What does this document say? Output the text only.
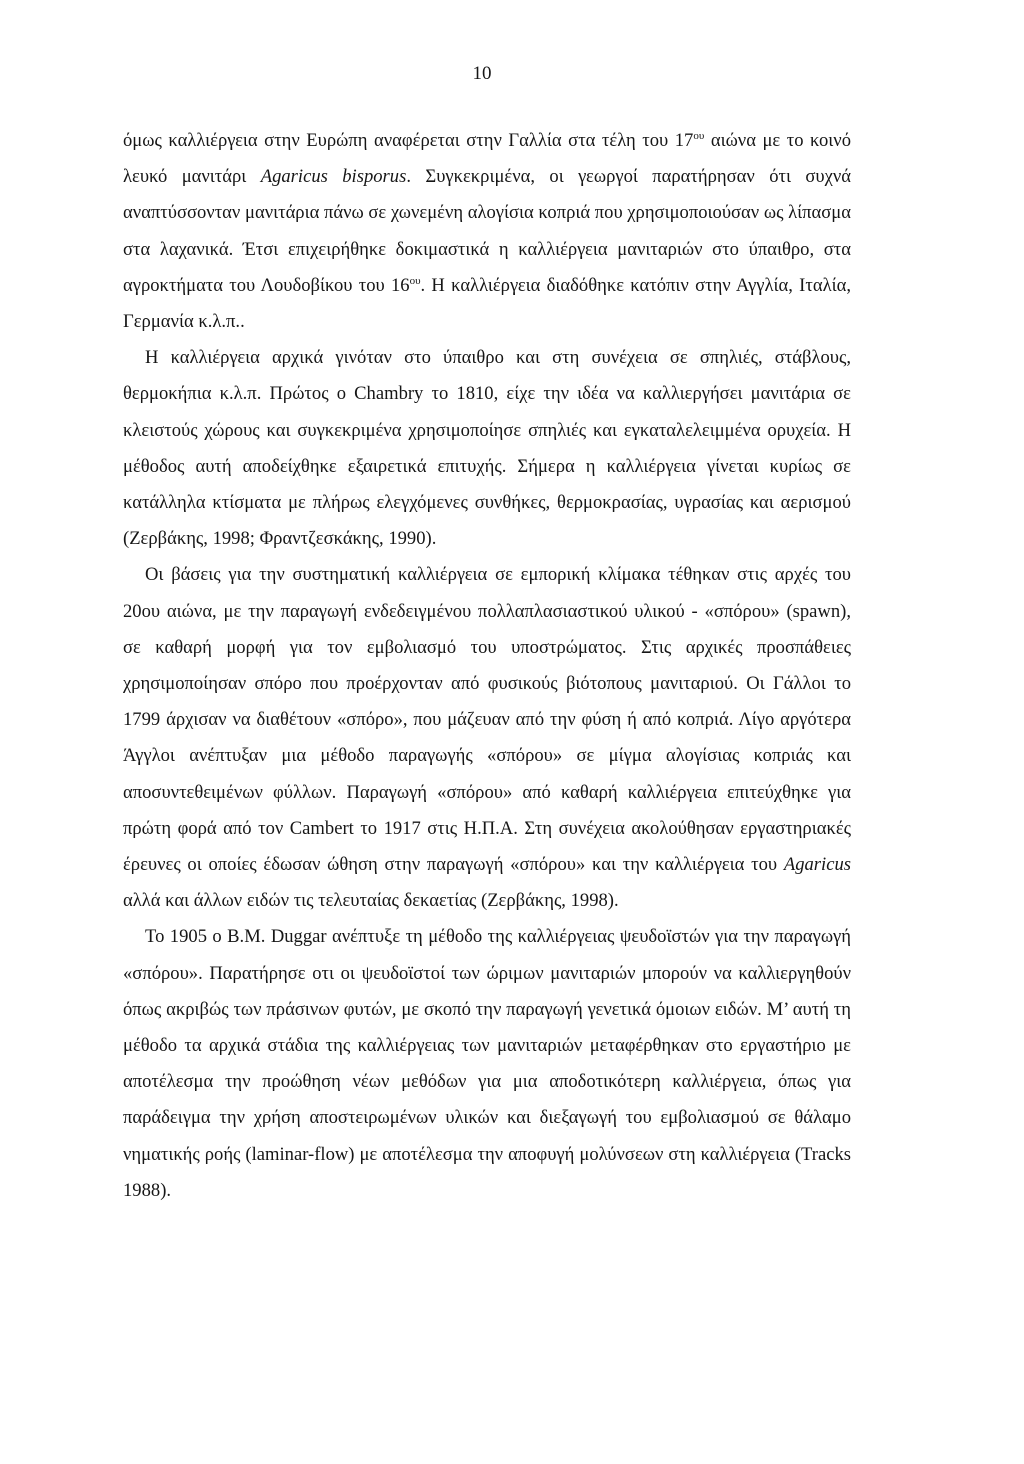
10

όμως καλλιέργεια στην Ευρώπη αναφέρεται στην Γαλλία στα τέλη του $17^{o\upsilon}$ αιώνα με το κοινό λευκό μανιτάρι Agaricus bisporus. Συγκεκριμένα, οι γεωργοί παρατήρησαν ότι συχνά αναπτύσσονταν μανιτάρια πάνω σε χωνεμένη αλογίσια κοπριά που χρησιμοποιούσαν ως λίπασμα στα λαχανικά. Έτσι επιχειρήθηκε δοκιμαστικά η καλλιέργεια μανιταριών στο ύπαιθρο, στα αγροκτήματα του Λουδοβίκου του $16^{o\upsilon}$. Η καλλιέργεια διαδόθηκε κατόπιν στην Αγγλία, Ιταλία, Γερμανία κ.λ.π..

Η καλλιέργεια αρχικά γινόταν στο ύπαιθρο και στη συνέχεια σε σπηλιές, στάβλους, θερμοκήπια κ.λ.π. Πρώτος ο Chambry το 1810, είχε την ιδέα να καλλιεργήσει μανιτάρια σε κλειστούς χώρους και συγκεκριμένα χρησιμοποίησε σπηλιές και εγκαταλελειμμένα ορυχεία. Η μέθοδος αυτή αποδείχθηκε εξαιρετικά επιτυχής. Σήμερα η καλλιέργεια γίνεται κυρίως σε κατάλληλα κτίσματα με πλήρως ελεγχόμενες συνθήκες, θερμοκρασίας, υγρασίας και αερισμού (Ζερβάκης, 1998; Φραντζεσκάκης, 1990).

Οι βάσεις για την συστηματική καλλιέργεια σε εμπορική κλίμακα τέθηκαν στις αρχές του 20ου αιώνα, με την παραγωγή ενδεδειγμένου πολλαπλασιαστικού υλικού - «σπόρου» (spawn), σε καθαρή μορφή για τον εμβολιασμό του υποστρώματος. Στις αρχικές προσπάθειες χρησιμοποίησαν σπόρο που προέρχονταν από φυσικούς βιότοπους μανιταριού. Οι Γάλλοι το 1799 άρχισαν να διαθέτουν «σπόρο», που μάζευαν από την φύση ή από κοπριά. Λίγο αργότερα Άγγλοι ανέπτυξαν μια μέθοδο παραγωγής «σπόρου» σε μίγμα αλογίσιας κοπριάς και αποσυντεθειμένων φύλλων. Παραγωγή «σπόρου» από καθαρή καλλιέργεια επιτεύχθηκε για πρώτη φορά από τον Cambert το 1917 στις Η.Π.Α. Στη συνέχεια ακολούθησαν εργαστηριακές έρευνες οι οποίες έδωσαν ώθηση στην παραγωγή «σπόρου» και την καλλιέργεια του Agaricus αλλά και άλλων ειδών τις τελευταίας δεκαετίας (Ζερβάκης, 1998).

Το 1905 ο Β.Μ. Duggar ανέπτυξε τη μέθοδο της καλλιέργειας ψευδοϊστών για την παραγωγή «σπόρου». Παρατήρησε οτι οι ψευδοϊστοί των ώριμων μανιταριών μπορούν να καλλιεργηθούν όπως ακριβώς των πράσινων φυτών, με σκοπό την παραγωγή γενετικά όμοιων ειδών. Μ’ αυτή τη μέθοδο τα αρχικά στάδια της καλλιέργειας των μανιταριών μεταφέρθηκαν στο εργαστήριο με αποτέλεσμα την προώθηση νέων μεθόδων για μια αποδοτικότερη καλλιέργεια, όπως για παράδειγμα την χρήση αποστειρωμένων υλικών και διεξαγωγή του εμβολιασμού σε θάλαμο νηματικής ροής (laminar-flow) με αποτέλεσμα την αποφυγή μολύνσεων στη καλλιέργεια (Tracks 1988).
